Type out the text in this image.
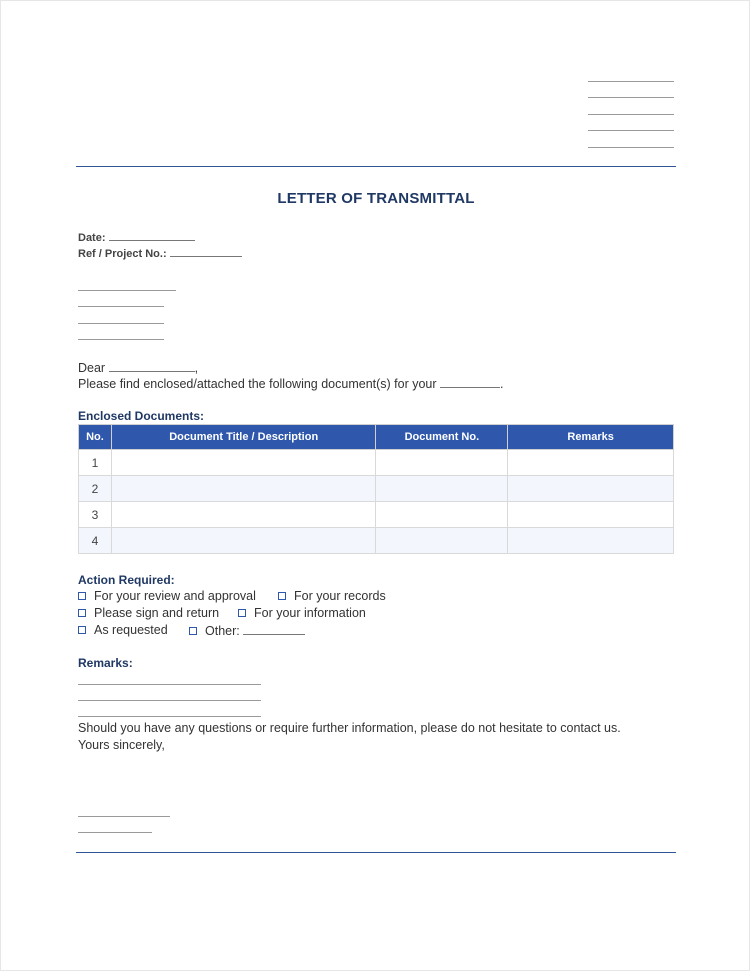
LETTER OF TRANSMITTAL
Date:
Ref / Project No.:
Dear	,
Please find enclosed/attached the following document(s) for your	.
Enclosed Documents:
No.	Document Title / Description	Document No.	Remarks
1			
2			
3			
4			
Action Required:
For your review and approval	For your records
Please sign and return	For your information
As requested	Other:
Remarks:
Should you have any questions or require further information, please do not hesitate to contact us.
Yours sincerely,
